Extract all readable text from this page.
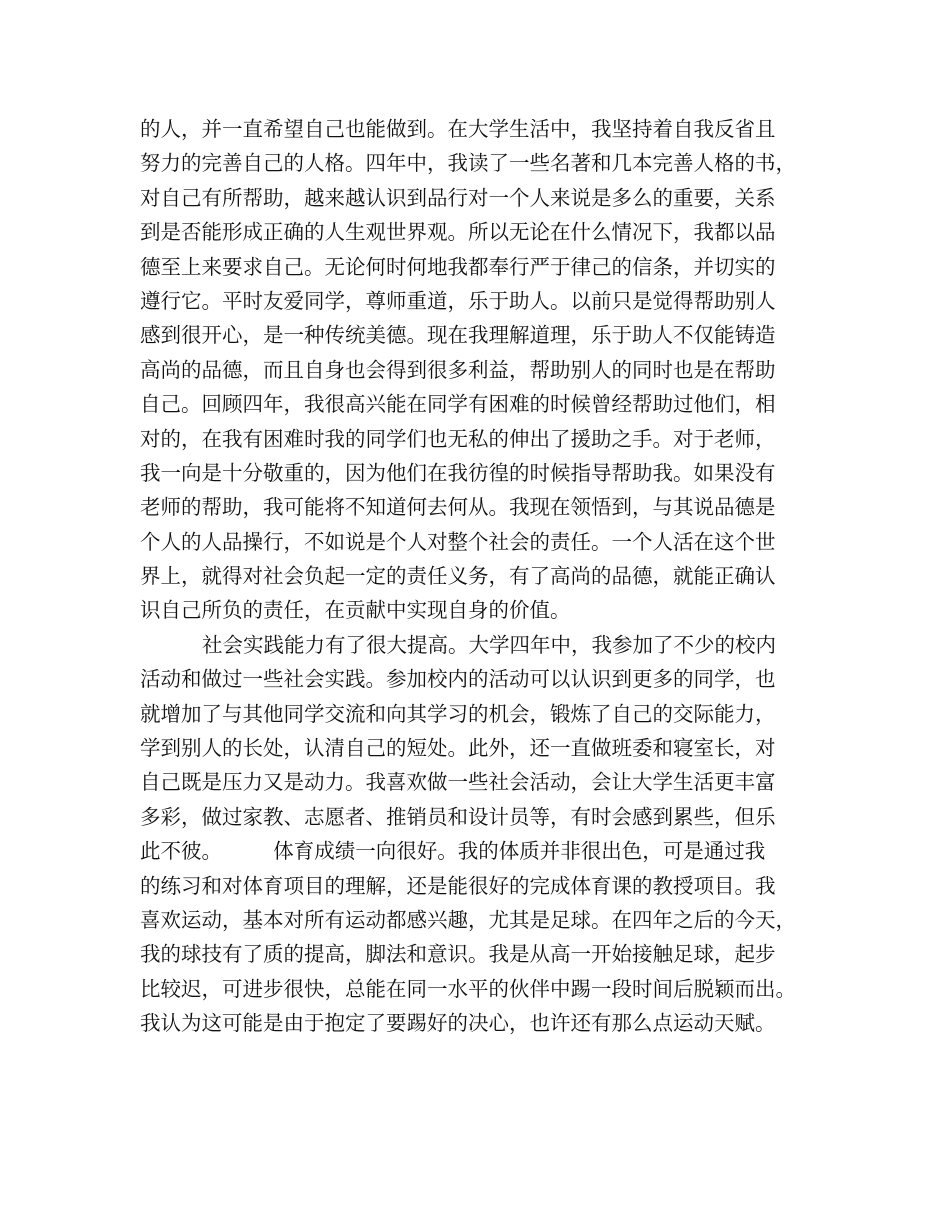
的人，并一直希望自己也能做到。在大学生活中，我坚持着自我反省且
努力的完善自己的人格。四年中，我读了一些名著和几本完善人格的书，
对自己有所帮助，越来越认识到品行对一个人来说是多么的重要，关系
到是否能形成正确的人生观世界观。所以无论在什么情况下，我都以品
德至上来要求自己。无论何时何地我都奉行严于律己的信条，并切实的
遵行它。平时友爱同学，尊师重道，乐于助人。以前只是觉得帮助别人
感到很开心，是一种传统美德。现在我理解道理，乐于助人不仅能铸造
高尚的品德，而且自身也会得到很多利益，帮助别人的同时也是在帮助
自己。回顾四年，我很高兴能在同学有困难的时候曾经帮助过他们，相
对的，在我有困难时我的同学们也无私的伸出了援助之手。对于老师，
我一向是十分敬重的，因为他们在我彷徨的时候指导帮助我。如果没有
老师的帮助，我可能将不知道何去何从。我现在领悟到，与其说品德是
个人的人品操行，不如说是个人对整个社会的责任。一个人活在这个世
界上，就得对社会负起一定的责任义务，有了高尚的品德，就能正确认
识自己所负的责任，在贡献中实现自身的价值。
社会实践能力有了很大提高。大学四年中，我参加了不少的校内
活动和做过一些社会实践。参加校内的活动可以认识到更多的同学，也
就增加了与其他同学交流和向其学习的机会，锻炼了自己的交际能力，
学到别人的长处，认清自己的短处。此外，还一直做班委和寝室长，对
自己既是压力又是动力。我喜欢做一些社会活动，会让大学生活更丰富
多彩，做过家教、志愿者、推销员和设计员等，有时会感到累些，但乐
此不彼。　　　体育成绩一向很好。我的体质并非很出色，可是通过我
的练习和对体育项目的理解，还是能很好的完成体育课的教授项目。我
喜欢运动，基本对所有运动都感兴趣，尤其是足球。在四年之后的今天，
我的球技有了质的提高，脚法和意识。我是从高一开始接触足球，起步
比较迟，可进步很快，总能在同一水平的伙伴中踢一段时间后脱颖而出。
我认为这可能是由于抱定了要踢好的决心，也许还有那么点运动天赋。
